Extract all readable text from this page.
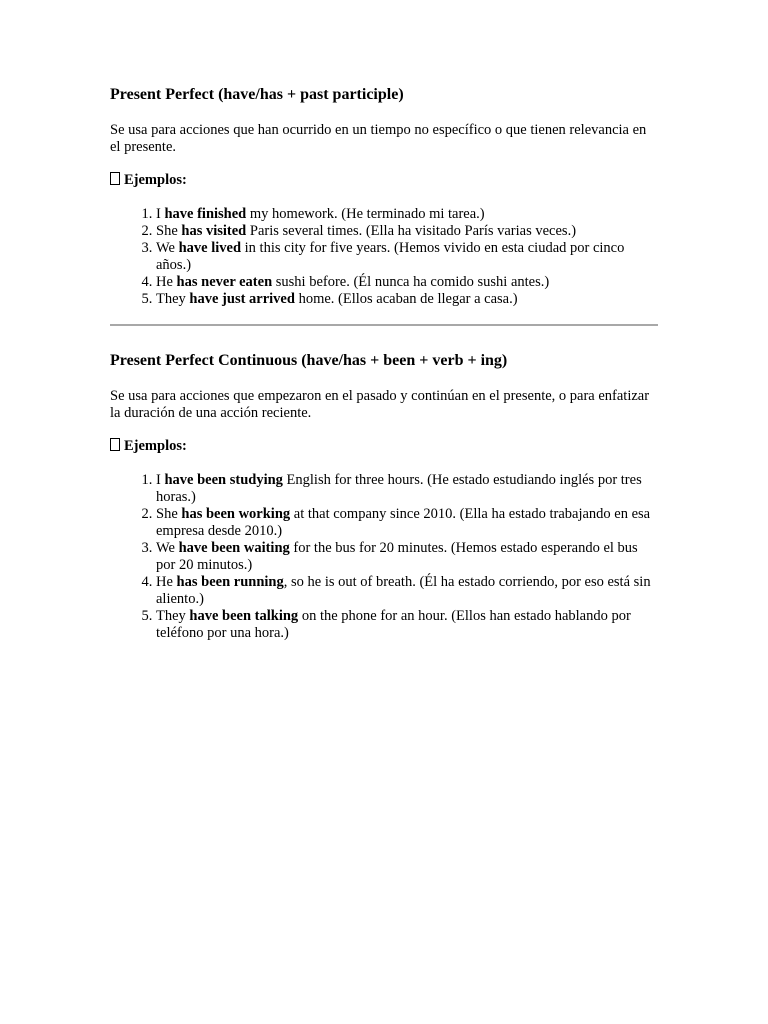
Present Perfect (have/has + past participle)

Se usa para acciones que han ocurrido en un tiempo no específico o que tienen relevancia en el presente.

Ejemplos:

1. I have finished my homework. (He terminado mi tarea.)
2. She has visited Paris several times. (Ella ha visitado París varias veces.)
3. We have lived in this city for five years. (Hemos vivido en esta ciudad por cinco años.)
4. He has never eaten sushi before. (Él nunca ha comido sushi antes.)
5. They have just arrived home. (Ellos acaban de llegar a casa.)
Present Perfect Continuous (have/has + been + verb + ing)

Se usa para acciones que empezaron en el pasado y continúan en el presente, o para enfatizar la duración de una acción reciente.

Ejemplos:

1. I have been studying English for three hours. (He estado estudiando inglés por tres horas.)
2. She has been working at that company since 2010. (Ella ha estado trabajando en esa empresa desde 2010.)
3. We have been waiting for the bus for 20 minutes. (Hemos estado esperando el bus por 20 minutos.)
4. He has been running, so he is out of breath. (Él ha estado corriendo, por eso está sin aliento.)
5. They have been talking on the phone for an hour. (Ellos han estado hablando por teléfono por una hora.)
